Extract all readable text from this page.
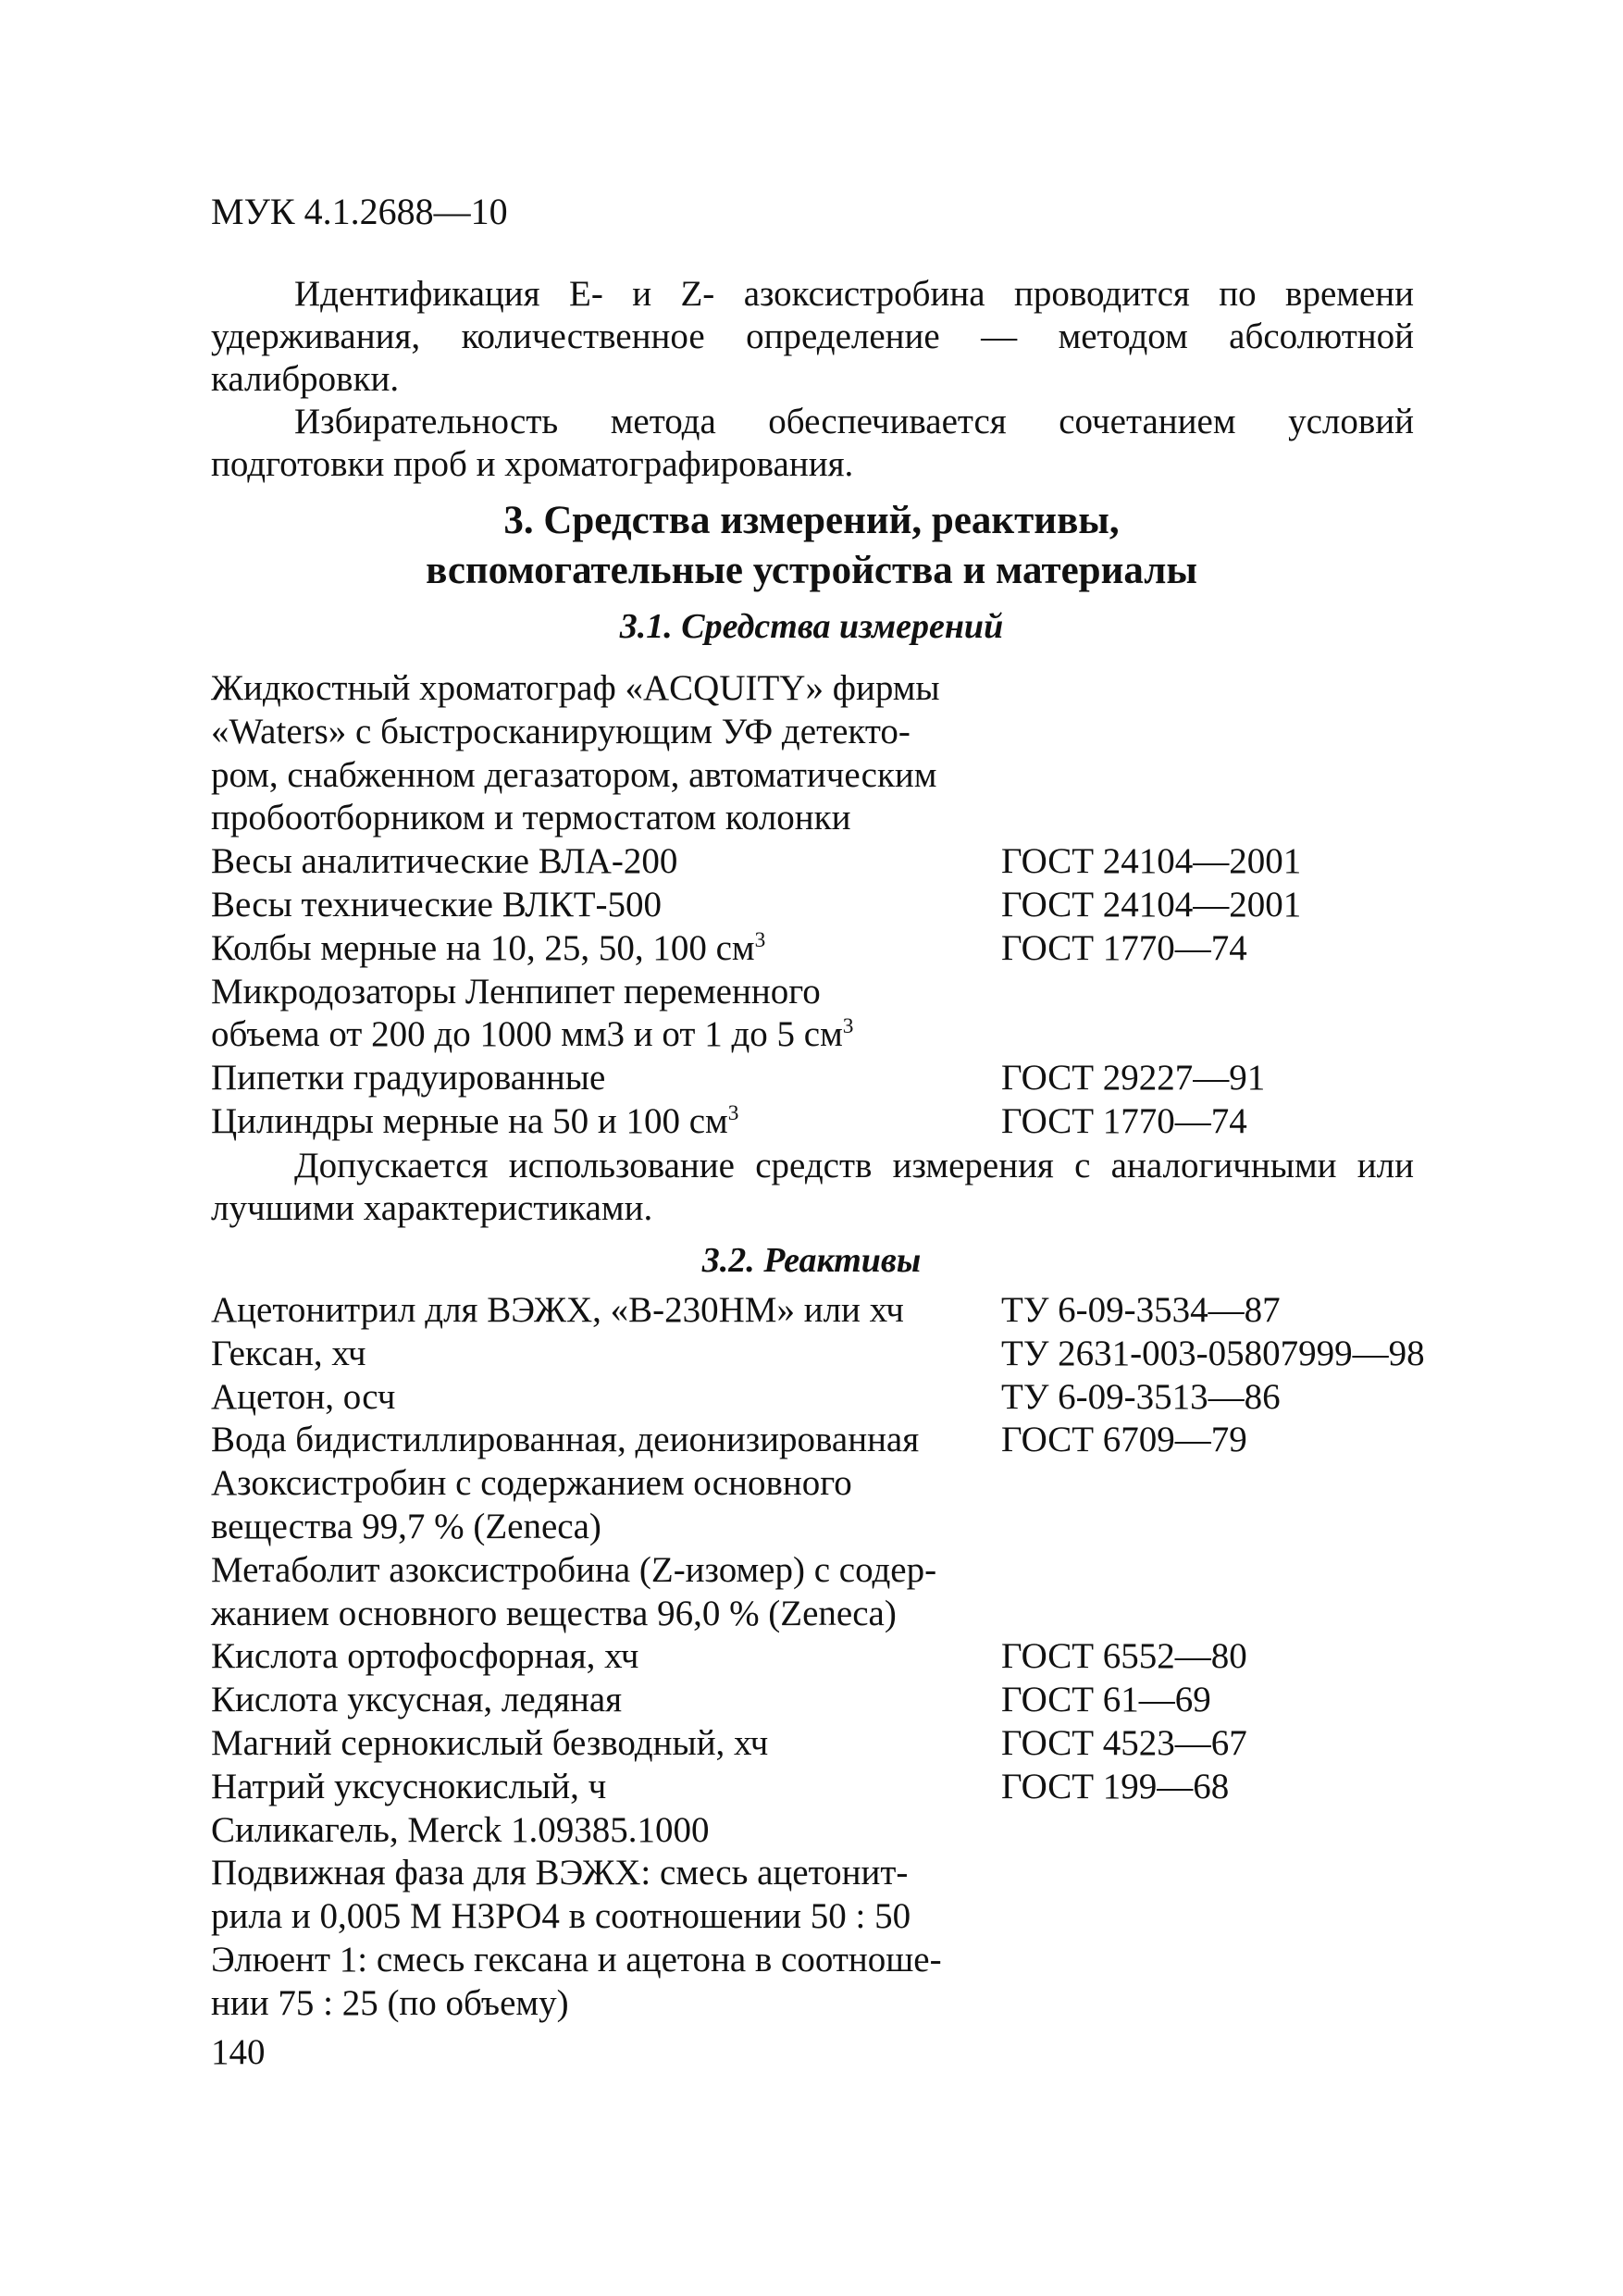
МУК 4.1.2688—10
Идентификация Е- и Z- азоксистробина проводится по времени удерживания, количественное определение — методом абсолютной калибровки.
Избирательность метода обеспечивается сочетанием условий подготовки проб и хроматографирования.
3. Средства измерений, реактивы,
вспомогательные устройства и материалы
3.1. Средства измерений
Жидкостный хроматограф «ACQUITY» фирмы
«Waters» с быстросканирующим УФ детекто-
ром, снабженном дегазатором, автоматическим
пробоотборником и термостатом колонки
Весы аналитические ВЛА-200	ГОСТ 24104—2001
Весы технические ВЛКТ-500	ГОСТ 24104—2001
Колбы мерные на 10, 25, 50, 100 $см^3$	ГОСТ 1770—74
Микродозаторы Ленпипет переменного
объема от 200 до 1000 мм3 и от 1 до 5 $см^3$
Пипетки градуированные	ГОСТ 29227—91
Цилиндры мерные на 50 и 100 $см^3$	ГОСТ 1770—74
Допускается использование средств измерения с аналогичными или лучшими характеристиками.
3.2. Реактивы
Ацетонитрил для ВЭЖХ, «В-230НМ» или хч	ТУ 6-09-3534—87
Гексан, хч	ТУ 2631-003-05807999—98
Ацетон, осч	ТУ 6-09-3513—86
Вода бидистиллированная, деионизированная ГОСТ 6709—79
Азоксистробин с содержанием основного
вещества 99,7 % (Zeneca)
Метаболит азоксистробина (Z-изомер) с содер-
жанием основного вещества 96,0 % (Zeneca)
Кислота ортофосфорная, хч	ГОСТ 6552—80
Кислота уксусная, ледяная	ГОСТ 61—69
Магний сернокислый безводный, хч	ГОСТ 4523—67
Натрий уксуснокислый, ч	ГОСТ 199—68
Силикагель, Merck 1.09385.1000
Подвижная фаза для ВЭЖХ: смесь ацетонит-
рила и 0,005 М Н3РО4 в соотношении 50 : 50
Элюент 1: смесь гексана и ацетона в соотноше-
нии 75 : 25 (по объему)
140
